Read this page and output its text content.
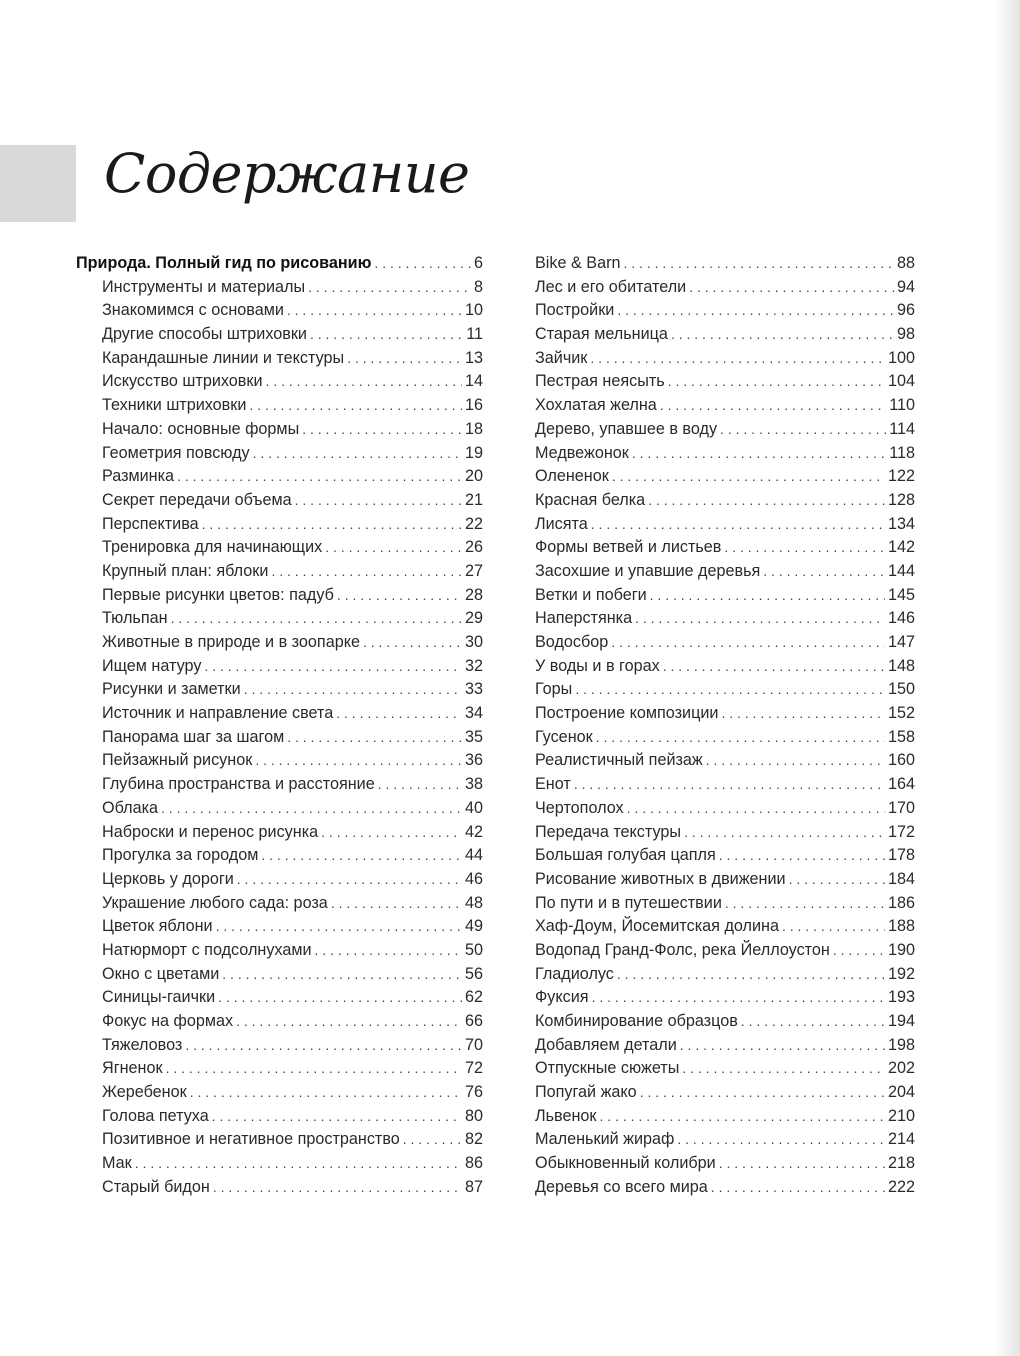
Содержание
Природа. Полный гид по рисованию . . .	6
Инструменты и материалы . . .	8
Знакомимся с основами . . .	10
Другие способы штриховки . . .	11
Карандашные линии и текстуры . . .	13
Искусство штриховки . . .	14
Техники штриховки . . .	16
Начало: основные формы . . .	18
Геометрия повсюду . . .	19
Разминка . . .	20
Секрет передачи объема . . .	21
Перспектива . . .	22
Тренировка для начинающих . . .	26
Крупный план: яблоки . . .	27
Первые рисунки цветов: падуб . . .	28
Тюльпан . . .	29
Животные в природе и в зоопарке . . .	30
Ищем натуру . . .	32
Рисунки и заметки . . .	33
Источник и направление света . . .	34
Панорама шаг за шагом . . .	35
Пейзажный рисунок . . .	36
Глубина пространства и расстояние . . .	38
Облака . . .	40
Наброски и перенос рисунка . . .	42
Прогулка за городом . . .	44
Церковь у дороги . . .	46
Украшение любого сада: роза . . .	48
Цветок яблони . . .	49
Натюрморт с подсолнухами . . .	50
Окно с цветами . . .	56
Синицы-гаички . . .	62
Фокус на формах . . .	66
Тяжеловоз . . .	70
Ягненок . . .	72
Жеребенок . . .	76
Голова петуха . . .	80
Позитивное и негативное пространство . . .	82
Мак . . .	86
Старый бидон . . .	87
Bike & Barn . . .	88
Лес и его обитатели . . .	94
Постройки . . .	96
Старая мельница . . .	98
Зайчик . . .	100
Пестрая неясыть . . .	104
Хохлатая желна . . .	110
Дерево, упавшее в воду . . .	114
Медвежонок . . .	118
Олененок . . .	122
Красная белка . . .	128
Лисята . . .	134
Формы ветвей и листьев . . .	142
Засохшие и упавшие деревья . . .	144
Ветки и побеги . . .	145
Наперстянка . . .	146
Водосбор . . .	147
У воды и в горах . . .	148
Горы . . .	150
Построение композиции . . .	152
Гусенок . . .	158
Реалистичный пейзаж . . .	160
Енот . . .	164
Чертополох . . .	170
Передача текстуры . . .	172
Большая голубая цапля . . .	178
Рисование животных в движении . . .	184
По пути и в путешествии . . .	186
Хаф-Доум, Йосемитская долина . . .	188
Водопад Гранд-Фолс, река Йеллоустон . . .	190
Гладиолус . . .	192
Фуксия . . .	193
Комбинирование образцов . . .	194
Добавляем детали . . .	198
Отпускные сюжеты . . .	202
Попугай жако . . .	204
Львенок . . .	210
Маленький жираф . . .	214
Обыкновенный колибри . . .	218
Деревья со всего мира . . .	222
